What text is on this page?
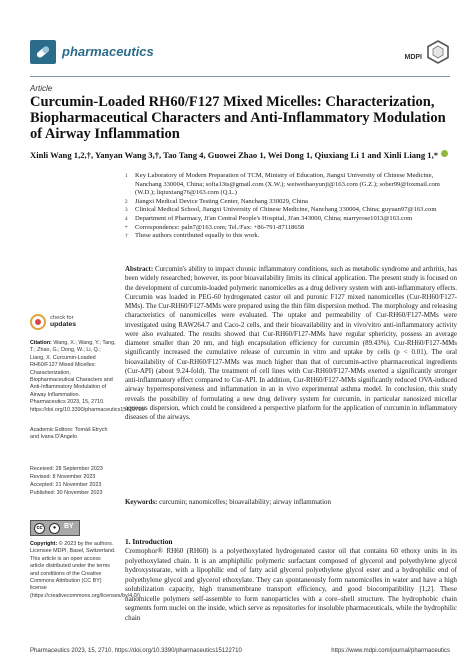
pharmaceutics	MDPI
Article
Curcumin-Loaded RH60/F127 Mixed Micelles: Characterization, Biopharmaceutical Characters and Anti-Inflammatory Modulation of Airway Inflammation
Xinli Wang 1,2,†, Yanyan Wang 3,†, Tao Tang 4, Guowei Zhao 1, Wei Dong 1, Qiuxiang Li 1 and Xinli Liang 1,*
1 Key Laboratory of Modern Preparation of TCM, Ministry of Education, Jiangxi University of Chinese Medicine, Nanchang 330004, China; sofia13ts@gmail.com (X.W.); weiweihaoyunji@163.com (G.Z.); sober99@foxmail.com (W.D.); liqiuxiang76@163.com (Q.L.)
2 Jiangxi Medical Device Testing Center, Nanchang 330029, China
3 Clinical Medical School, Jiangxi University of Chinese Medicine, Nanchang 330004, China; guyuan97@163.com
4 Department of Pharmacy, Ji'an Central People's Hospital, Ji'an 343000, China; marryrose1013@163.com
* Correspondence: paln7@163.com; Tel./Fax: +86-791-87118658
† These authors contributed equally to this work.
Abstract: Curcumin's ability to impact chronic inflammatory conditions, such as metabolic syndrome and arthritis, has been widely researched; however, its poor bioavailability limits its clinical application. The present study is focused on the development of curcumin-loaded polymeric nanomicelles as a drug delivery system with anti-inflammatory effects. Curcumin was loaded in PEG-60 hydrogenated castor oil and puronic F127 mixed nanomicelles (Cur-RH60/F127-MMs). The Cur-RH60/F127-MMs were prepared using the thin film dispersion method. The morphology and releasing characteristics of nanomicelles were evaluated. The uptake and permeability of Cur-RH60/F127-MMs were investigated using RAW264.7 and Caco-2 cells, and their bioavailability and in vivo/vitro anti-inflammatory activity were also evaluated. The results showed that Cur-RH60/F127-MMs have regular sphericity, possess an average diameter smaller than 20 nm, and high encapsulation efficiency for curcumin (89.43%). Cur-RH60/F127-MMs significantly increased the cumulative release of curcumin in vitro and uptake by cells (p < 0.01). The oral bioavailability of Cur-RH60/F127-MMs was much higher than that of curcumin-active pharmaceutical ingredients (Cur-API) (about 9.24-fold). The treatment of cell lines with Cur-RH60/F127-MMs exerted a significantly stronger anti-inflammatory effect compared to Cur-API. In addition, Cur-RH60/F127-MMs significantly reduced OVA-induced airway hyperresponsiveness and inflammation in an in vivo experimental asthma model. In conclusion, this study reveals the possibility of formulating a new drug delivery system for curcumin, in particular nanosized micellar aqueous dispersion, which could be considered a perspective platform for the application of curcumin in inflammatory diseases of the airways.
Keywords: curcumin; nanomicelles; bioavailability; airway inflammation
1. Introduction
Cremophor® RH60 (RH60) is a polyethoxylated hydrogenated castor oil that contains 60 ethoxy units in its polyethoxylated chain. It is an amphiphilic polymeric surfactant composed of glycerol and polyethylene glycol hydroxystearate, with a lipophilic end of fatty acid glycerol polyethylene glycol ester and a hydrophilic end of polyethylene glycol and glycerol ethoxylate. They can spontaneously form nanomicelles in water and have a high solubilization capacity, high transmembrane transport efficiency, and good biocompatibility [1,2]. These nanomicelle polymers self-assemble to form nanoparticles with a core–shell structure. The hydrophobic chain segments form nuclei on the inside, which serve as repositories for insoluble pharmaceuticals, while the hydrophilic chain
check for
updates
Citation: Wang, X.; Wang, Y.; Tang, T.; Zhao, G.; Dong, W.; Li, Q.; Liang, X. Curcumin-Loaded RH60/F127 Mixed Micelles: Characterization, Biopharmaceutical Characters and Anti-Inflammatory Modulation of Airway Inflammation. Pharmaceutics 2023, 15, 2710. https://doi.org/10.3390/pharmaceutics15122710
Academic Editors: Tomáš Etrych and Ivana D'Angelo
Received: 28 September 2023
Revised: 8 November 2023
Accepted: 21 November 2023
Published: 30 November 2023
cc	●	BY
Copyright: © 2023 by the authors. Licensee MDPI, Basel, Switzerland. This article is an open access article distributed under the terms and conditions of the Creative Commons Attribution (CC BY) license (https://creativecommons.org/licenses/by/4.0/).
Pharmaceutics 2023, 15, 2710. https://doi.org/10.3390/pharmaceutics15122710	https://www.mdpi.com/journal/pharmaceutics
